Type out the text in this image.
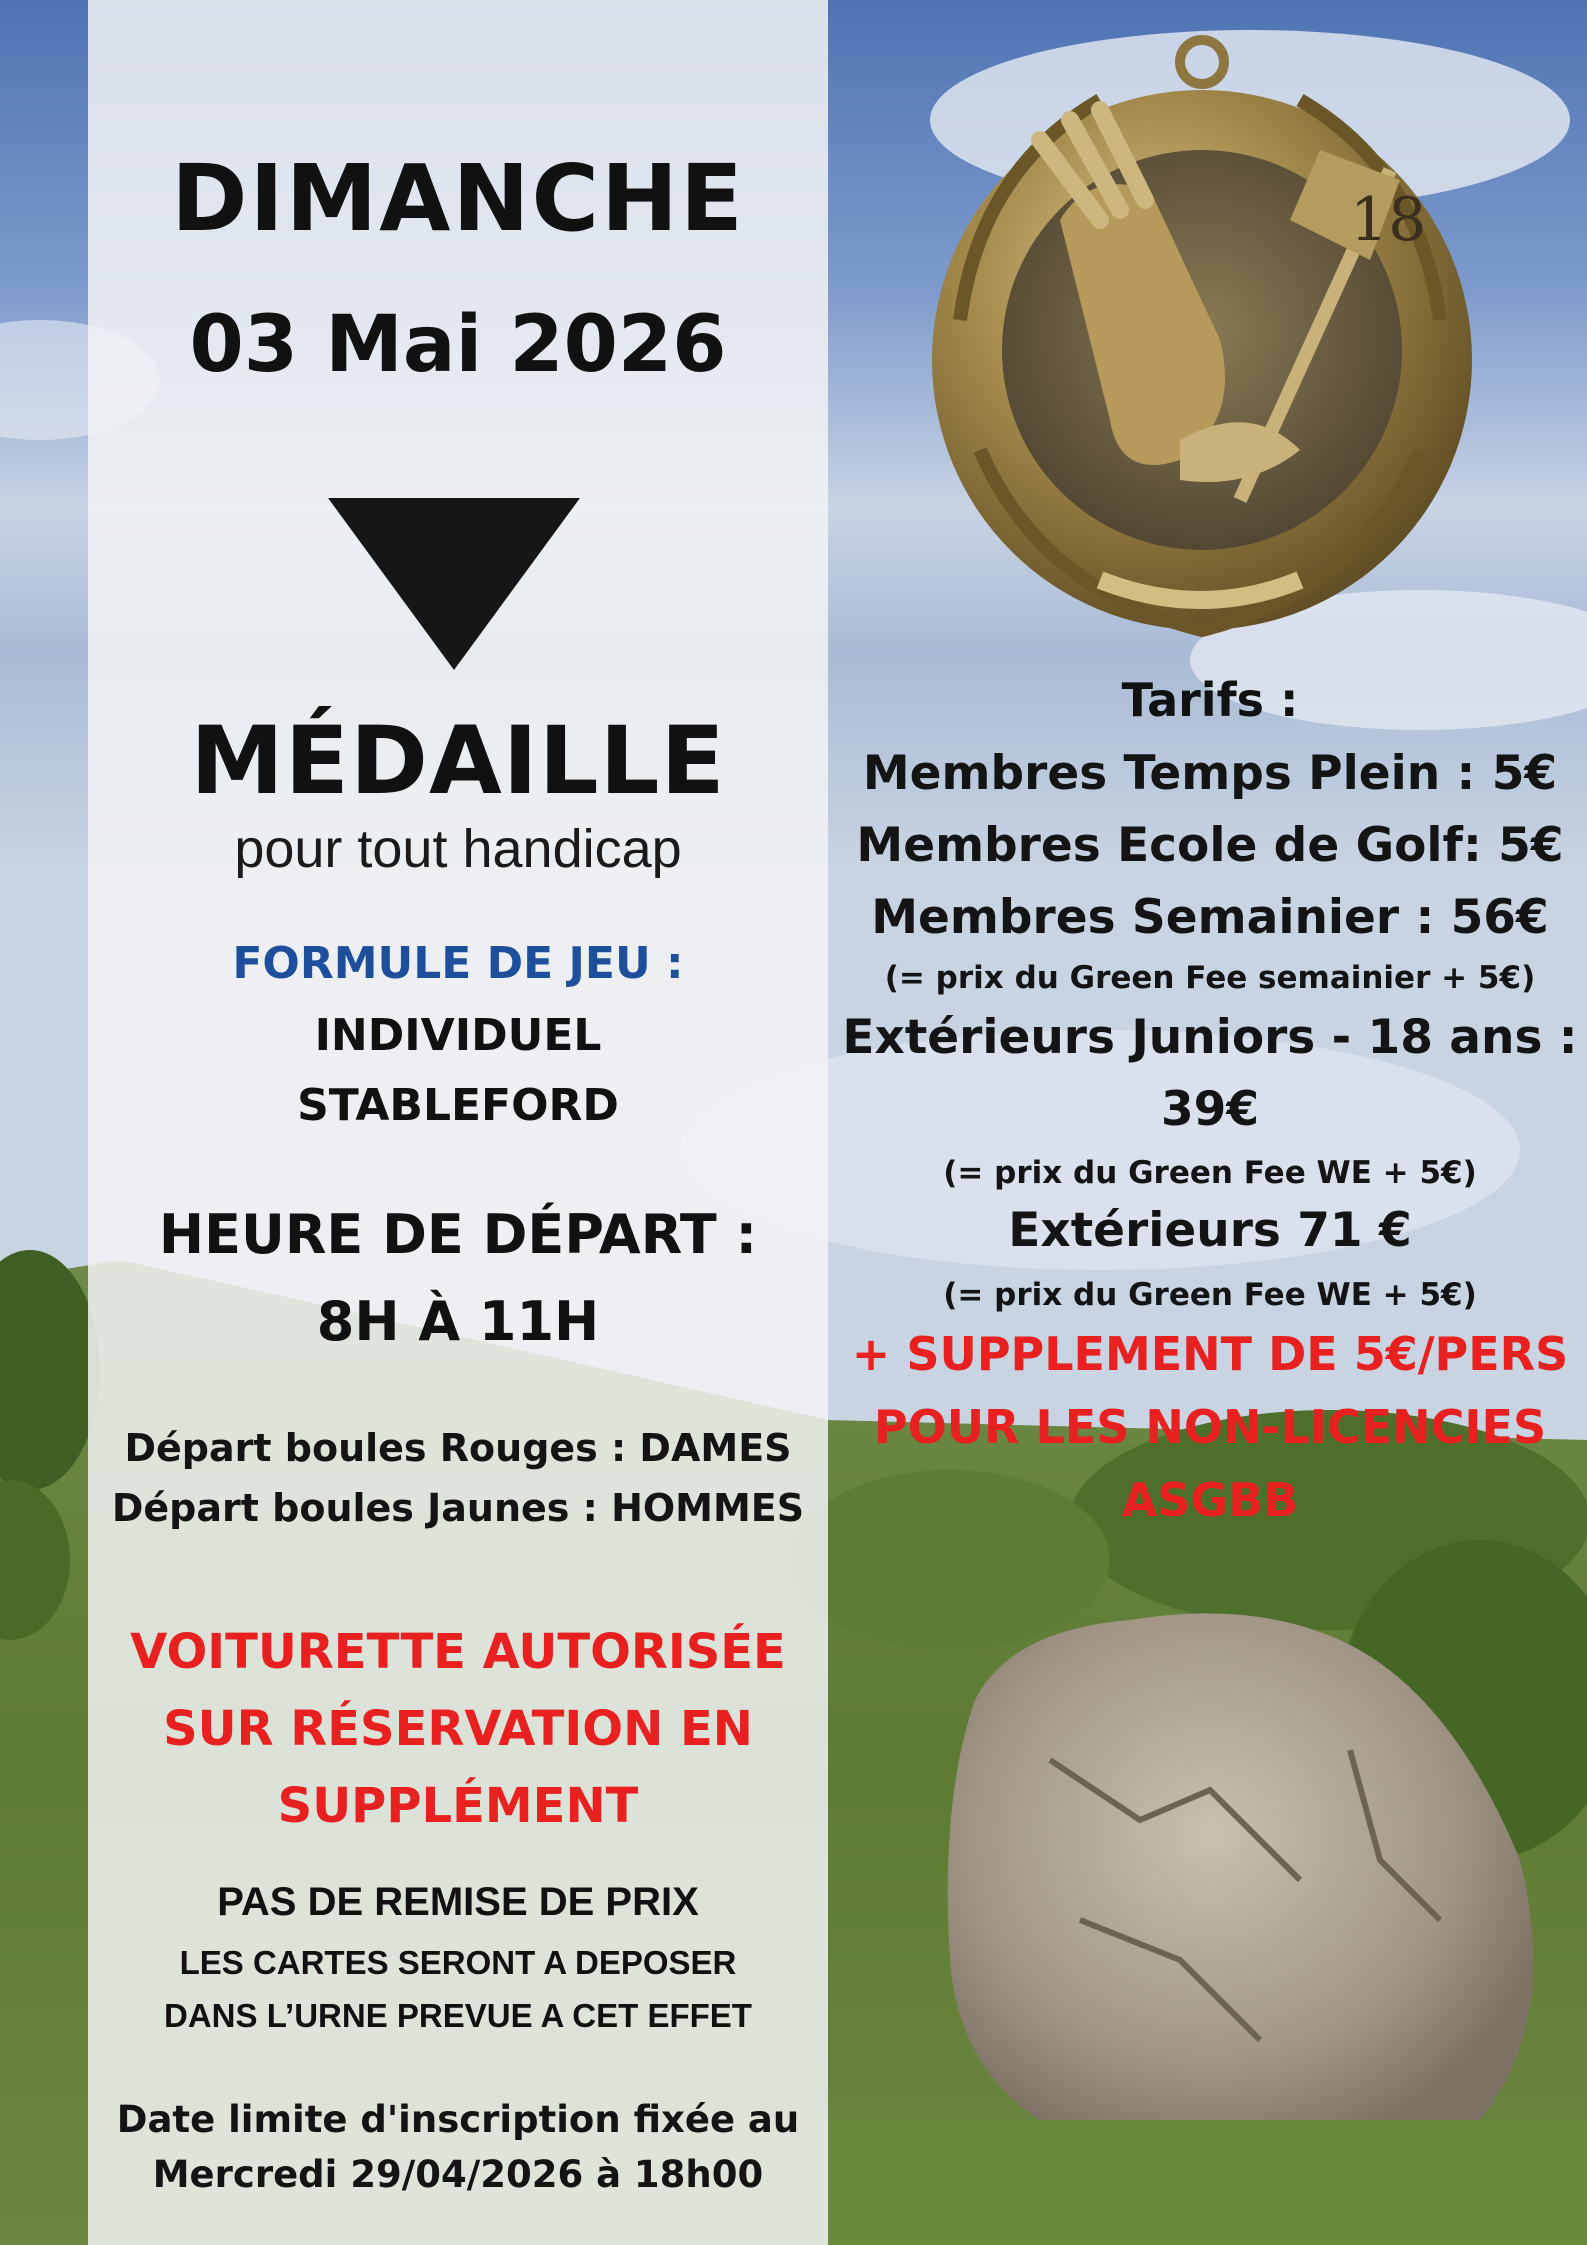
DIMANCHE
03 Mai 2026
MÉDAILLE
pour tout handicap
FORMULE DE JEU :
INDIVIDUEL
STABLEFORD
HEURE DE DÉPART :
8H À 11H
Départ boules Rouges : DAMES
Départ boules Jaunes : HOMMES
VOITURETTE AUTORISÉE
SUR RÉSERVATION EN
SUPPLÉMENT
PAS DE REMISE DE PRIX
LES CARTES SERONT A DEPOSER
DANS L’URNE PREVUE A CET EFFET
Date limite d'inscription fixée au
Mercredi 29/04/2026 à 18h00
18
Tarifs :
Membres Temps Plein : 5€
Membres Ecole de Golf: 5€
Membres Semainier : 56€
(= prix du Green Fee semainier + 5€)
Extérieurs Juniors - 18 ans :
39€
(= prix du Green Fee WE + 5€)
Extérieurs 71 €
(= prix du Green Fee WE + 5€)
+ SUPPLEMENT DE 5€/PERS
POUR LES NON-LICENCIES
ASGBB
